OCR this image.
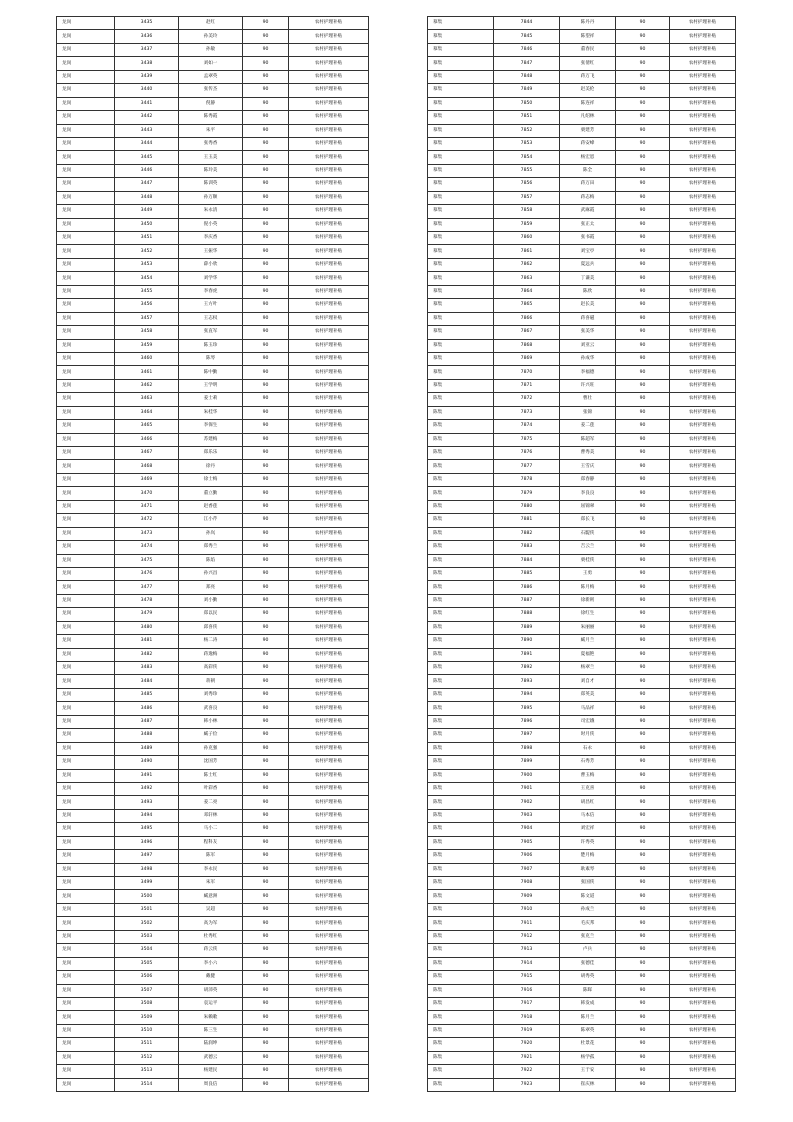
龙岗	3435	赵红	90	农村护理补贴
龙岗	3436	孙美玲	90	农村护理补贴
龙岗	3437	孙敏	90	农村护理补贴
龙岗	3438	刘如一	90	农村护理补贴
龙岗	3439	孟翠英	90	农村护理补贴
龙岗	3440	张传杰	90	农村护理补贴
龙岗	3441	倪静	90	农村护理补贴
龙岗	3442	陈秀霞	90	农村护理补贴
龙岗	3443	朱平	90	农村护理补贴
龙岗	3444	张秀香	90	农村护理补贴
龙岗	3445	王玉美	90	农村护理补贴
龙岗	3446	陈玲美	90	农村护理补贴
龙岗	3447	陈训英	90	农村护理补贴
龙岗	3448	孙万顺	90	农村护理补贴
龙岗	3449	朱永清	90	农村护理补贴
龙岗	3450	倪小英	90	农村护理补贴
龙岗	3451	李庆香	90	农村护理补贴
龙岗	3452	王振华	90	农村护理补贴
龙岗	3453	薛小欣	90	农村护理补贴
龙岗	3454	刘学华	90	农村护理补贴
龙岗	3455	李春虎	90	农村护理补贴
龙岗	3456	王方叶	90	农村护理补贴
龙岗	3457	王志权	90	农村护理补贴
龙岗	3458	张直军	90	农村护理补贴
龙岗	3459	陈玉珍	90	农村护理补贴
龙岗	3460	陈琴	90	农村护理补贴
龙岗	3461	陈中勤	90	农村护理补贴
龙岗	3462	王学明	90	农村护理补贴
龙岗	3463	姜士莉	90	农村护理补贴
龙岗	3464	朱桂华	90	农村护理补贴
龙岗	3465	李保生	90	农村护理补贴
龙岗	3466	苏建梅	90	农村护理补贴
龙岗	3467	郑乐乐	90	农村护理补贴
龙岗	3468	徐丹	90	农村护理补贴
龙岗	3469	徐士梅	90	农村护理补贴
龙岗	3470	董立勤	90	农村护理补贴
龙岗	3471	赵香莲	90	农村护理补贴
龙岗	3472	江小芹	90	农村护理补贴
龙岗	3473	孙岚	90	农村护理补贴
龙岗	3474	郑秀兰	90	农村护理补贴
龙岗	3475	陈焰	90	农村护理补贴
龙岗	3476	孙兴昌	90	农村护理补贴
龙岗	3477	郑亮	90	农村护理补贴
龙岗	3478	刘小勤	90	农村护理补贴
龙岗	3479	郑以民	90	农村护理补贴
龙岗	3480	邱喜侠	90	农村护理补贴
龙岗	3481	杨二涛	90	农村护理补贴
龙岗	3482	蒋逸梅	90	农村护理补贴
龙岗	3483	高彩侠	90	农村护理补贴
龙岗	3484	蒋朝	90	农村护理补贴
龙岗	3485	刘秀珍	90	农村护理补贴
龙岗	3486	武喜良	90	农村护理补贴
龙岗	3487	韩小林	90	农村护理补贴
龙岗	3488	臧子俭	90	农村护理补贴
龙岗	3489	孙克强	90	农村护理补贴
龙岗	3490	沈国芳	90	农村护理补贴
龙岗	3491	陈士红	90	农村护理补贴
龙岗	3492	叶彩香	90	农村护理补贴
龙岗	3493	姜二亮	90	农村护理补贴
龙岗	3494	邓轩林	90	农村护理补贴
龙岗	3495	马小二	90	农村护理补贴
龙岗	3496	程科友	90	农村护理补贴
龙岗	3497	陈军	90	农村护理补贴
龙岗	3498	李永民	90	农村护理补贴
龙岗	3499	朱军	90	农村护理补贴
龙岗	3500	臧意洲	90	农村护理补贴
龙岗	3501	吴超	90	农村护理补贴
龙岗	3502	高为军	90	农村护理补贴
龙岗	3503	杜秀红	90	农村护理补贴
龙岗	3504	蒋云侠	90	农村护理补贴
龙岗	3505	李小六	90	农村护理补贴
龙岗	3506	戴健	90	农村护理补贴
龙岗	3507	胡沛英	90	农村护理补贴
龙岗	3508	袁运平	90	农村护理补贴
龙岗	3509	朱赖歌	90	农村护理补贴
龙岗	3510	陈三生	90	农村护理补贴
龙岗	3511	陆润坤	90	农村护理补贴
龙岗	3512	武德云	90	农村护理补贴
龙岗	3513	杨建民	90	农村护理补贴
龙岗	3514	周良信	90	农村护理补贴
慕集	7844	陈丹丹	90	农村护理补贴
慕集	7845	陈望祥	90	农村护理补贴
慕集	7846	董春民	90	农村护理补贴
慕集	7847	张倩红	90	农村护理补贴
慕集	7848	蒋万飞	90	农村护理补贴
慕集	7849	赵美伦	90	农村护理补贴
慕集	7850	陈连祥	90	农村护理补贴
慕集	7851	凡绍林	90	农村护理补贴
慕集	7852	栗建芳	90	农村护理补贴
慕集	7853	蒋安峰	90	农村护理补贴
慕集	7854	杨宏恩	90	农村护理补贴
慕集	7855	陈全	90	农村护理补贴
慕集	7856	蒋万田	90	农村护理补贴
慕集	7857	蒋志梅	90	农村护理补贴
慕集	7858	武麻霞	90	农村护理补贴
慕集	7859	张正太	90	农村护理补贴
慕集	7860	张书霞	90	农村护理补贴
慕集	7861	刘宝亭	90	农村护理补贴
慕集	7862	夏远兵	90	农村护理补贴
慕集	7863	丁谦美	90	农村护理补贴
慕集	7864	陈欣	90	农村护理补贴
慕集	7865	赵长美	90	农村护理补贴
慕集	7866	蒋喜磁	90	农村护理补贴
慕集	7867	张美华	90	农村护理补贴
慕集	7868	刘亚云	90	农村护理补贴
慕集	7869	孙成华	90	农村护理补贴
慕集	7870	李福德	90	农村护理补贴
慕集	7871	许兴旺	90	农村护理补贴
陈集	7872	曹壮	90	农村护理补贴
陈集	7873	张锦	90	农村护理补贴
陈集	7874	姜二莲	90	农村护理补贴
陈集	7875	陈超军	90	农村护理补贴
陈集	7876	曹秀美	90	农村护理补贴
陈集	7877	王雪庆	90	农村护理补贴
陈集	7878	郑春静	90	农村护理补贴
陈集	7879	李良良	90	农村护理补贴
陈集	7880	屈锦翠	90	农村护理补贴
陈集	7881	郑长飞	90	农村护理补贴
陈集	7882	石騠侠	90	农村护理补贴
陈集	7883	吉云兰	90	农村护理补贴
陈集	7884	栗桂侠	90	农村护理补贴
陈集	7885	王勇	90	农村护理补贴
陈集	7886	陈月梅	90	农村护理补贴
陈集	7887	徐新則	90	农村护理补贴
陈集	7888	徐红生	90	农村护理补贴
陈集	7889	朱丽丽	90	农村护理补贴
陈集	7890	臧月兰	90	农村护理补贴
陈集	7891	夏福艳	90	农村护理补贴
陈集	7892	杨翠兰	90	农村护理补贴
陈集	7893	刘自才	90	农村护理补贴
陈集	7894	郑英美	90	农村护理补贴
陈集	7895	马品祥	90	农村护理补贴
陈集	7896	司宏娥	90	农村护理补贴
陈集	7897	时月侠	90	农村护理补贴
陈集	7898	石永	90	农村护理补贴
陈集	7899	石秀芳	90	农村护理补贴
陈集	7900	曹玉梅	90	农村护理补贴
陈集	7901	王克喜	90	农村护理补贴
陈集	7902	胡昌红	90	农村护理补贴
陈集	7903	马本信	90	农村护理补贴
陈集	7904	刘宏祥	90	农村护理补贴
陈集	7905	许秀英	90	农村护理补贴
陈集	7906	楚月梅	90	农村护理补贴
陈集	7907	耿素琴	90	农村护理补贴
陈集	7908	张国侠	90	农村护理补贴
陈集	7909	陈文道	90	农村护理补贴
陈集	7910	孙成兰	90	农村护理补贴
陈集	7911	毛庆邦	90	农村护理补贴
陈集	7912	张克兰	90	农村护理补贴
陈集	7913	卢兵	90	农村护理补贴
陈集	7914	张德佳	90	农村护理补贴
陈集	7915	胡秀英	90	农村护理补贴
陈集	7916	陈晖	90	农村护理补贴
陈集	7917	韩发成	90	农村护理补贴
陈集	7918	陈月兰	90	农村护理补贴
陈集	7919	陈翠英	90	农村护理补贴
陈集	7920	杜景花	90	农村护理补贴
陈集	7921	杨学孤	90	农村护理补贴
陈集	7922	王于安	90	农村护理补贴
陈集	7923	崔庆林	90	农村护理补贴
